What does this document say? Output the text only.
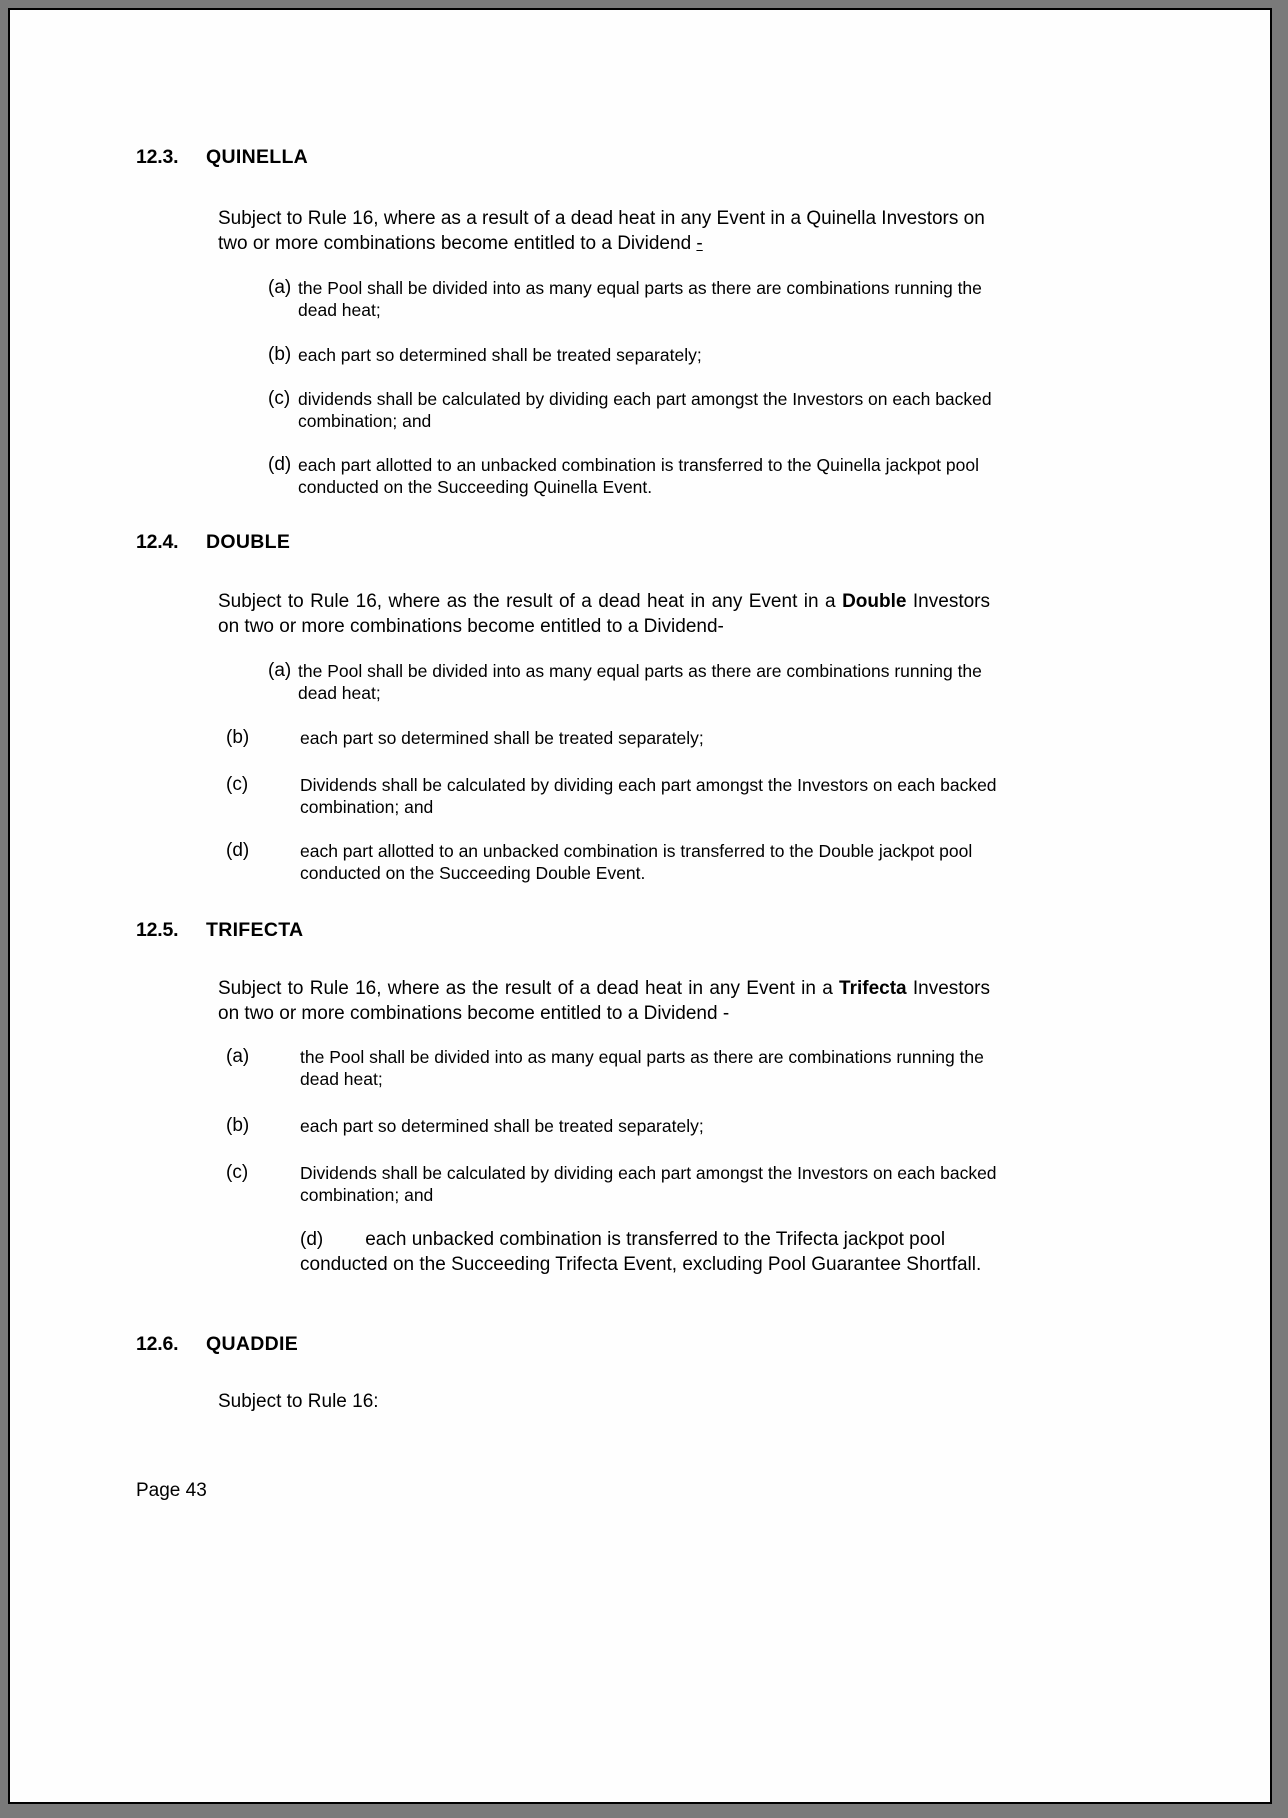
12.3. QUINELLA
Subject to Rule 16, where as a result of a dead heat in any Event in a Quinella Investors on two or more combinations become entitled to a Dividend -
(a) the Pool shall be divided into as many equal parts as there are combinations running the dead heat;
(b) each part so determined shall be treated separately;
(c) dividends shall be calculated by dividing each part amongst the Investors on each backed combination; and
(d) each part allotted to an unbacked combination is transferred to the Quinella jackpot pool conducted on the Succeeding Quinella Event.
12.4. DOUBLE
Subject to Rule 16, where as the result of a dead heat in any Event in a Double Investors on two or more combinations become entitled to a Dividend-
(a) the Pool shall be divided into as many equal parts as there are combinations running the dead heat;
(b)	each part so determined shall be treated separately;
(c)	Dividends shall be calculated by dividing each part amongst the Investors on each backed combination; and
(d)	each part allotted to an unbacked combination is transferred to the Double jackpot pool conducted on the Succeeding Double Event.
12.5. TRIFECTA
Subject to Rule 16, where as the result of a dead heat in any Event in a Trifecta Investors on two or more combinations become entitled to a Dividend -
(a)	the Pool shall be divided into as many equal parts as there are combinations running the dead heat;
(b)	each part so determined shall be treated separately;
(c)	Dividends shall be calculated by dividing each part amongst the Investors on each backed combination; and
(d) each unbacked combination is transferred to the Trifecta jackpot pool conducted on the Succeeding Trifecta Event, excluding Pool Guarantee Shortfall.
12.6. QUADDIE
Subject to Rule 16:
Page 43
